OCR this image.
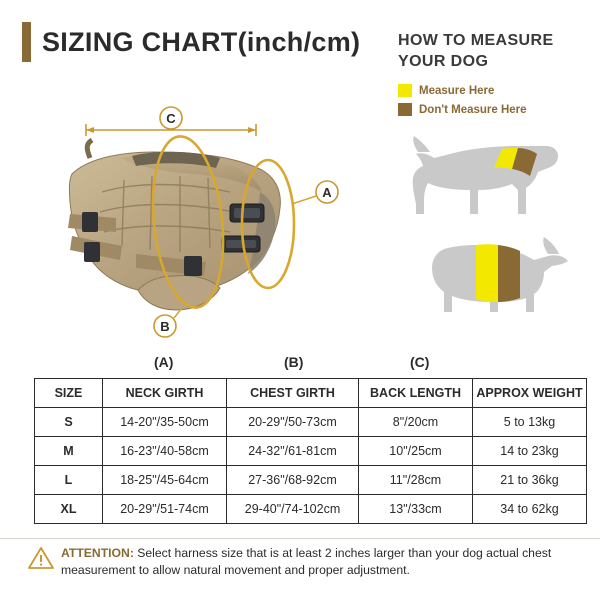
SIZING CHART(inch/cm) HOW TO MEASURE YOUR DOG
Measure Here
Don't Measure Here
C
A
B
(A)	(B)	(C)
SIZE	NECK GIRTH	CHEST GIRTH	BACK LENGTH	APPROX WEIGHT
S	14-20"/35-50cm	20-29"/50-73cm	8"/20cm	5 to 13kg
M	16-23"/40-58cm	24-32"/61-81cm	10"/25cm	14 to 23kg
L	18-25"/45-64cm	27-36"/68-92cm	11"/28cm	21 to 36kg
XL	20-29"/51-74cm	29-40"/74-102cm	13"/33cm	34 to 62kg
ATTENTION: Select harness size that is at least 2 inches larger than your dog actual chest measurement to allow natural movement and proper adjustment.
